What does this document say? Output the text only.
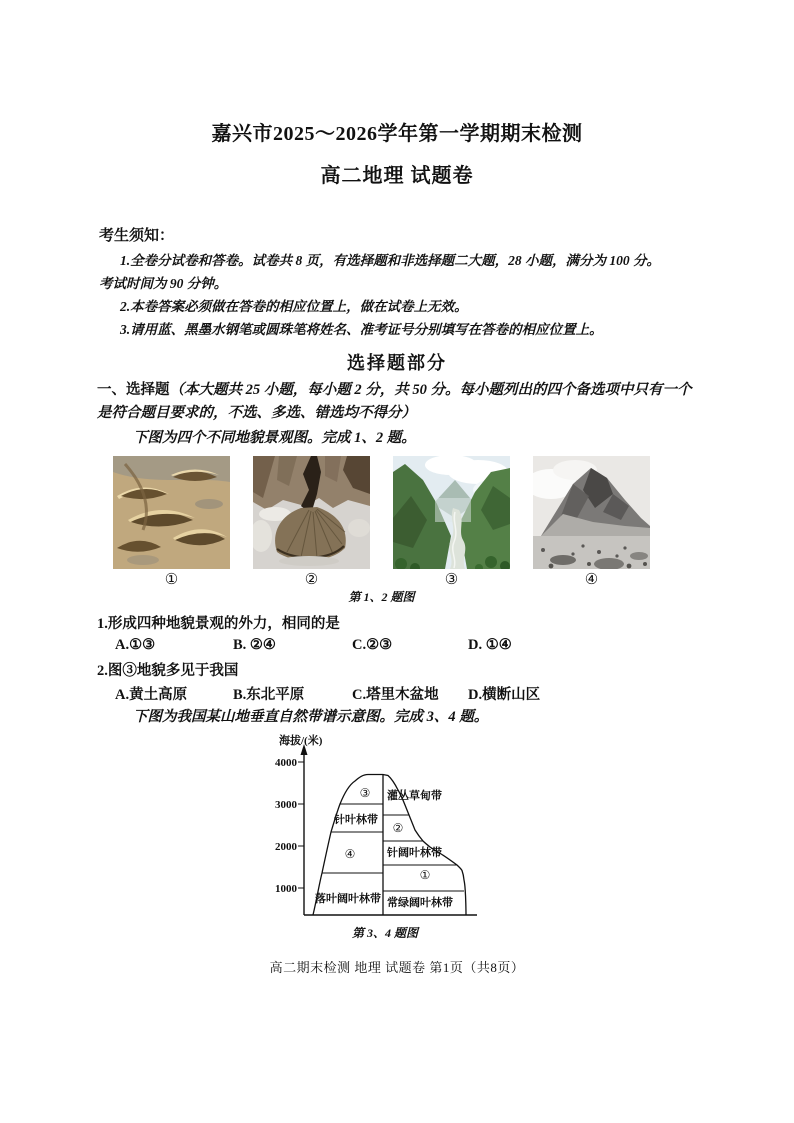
嘉兴市2025～2026学年第一学期期末检测
高二地理 试题卷
考生须知：
1.全卷分试卷和答卷。试卷共 8 页，有选择题和非选择题二大题，28 小题，满分为 100 分。
考试时间为 90 分钟。
2.本卷答案必须做在答卷的相应位置上，做在试卷上无效。
3.请用蓝、黑墨水钢笔或圆珠笔将姓名、准考证号分别填写在答卷的相应位置上。
选择题部分
一、选择题（本大题共 25 小题，每小题 2 分，共 50 分。每小题列出的四个备选项中只有一个
是符合题目要求的，不选、多选、错选均不得分）
下图为四个不同地貌景观图。完成 1、2 题。
①	②	③	④
第 1、2 题图
1.形成四种地貌景观的外力，相同的是
A.①③	B. ②④	C.②③	D. ①④
2.图③地貌多见于我国
A.黄土高原	B.东北平原	C.塔里木盆地	D.横断山区
下图为我国某山地垂直自然带谱示意图。完成 3、4 题。
海拔/(米)
4000
3000
2000
1000
③
针叶林带
④
落叶阔叶林带
灌丛草甸带
②
针阔叶林带
①
常绿阔叶林带
第 3、4 题图
高二期末检测 地理 试题卷 第1页（共8页）
